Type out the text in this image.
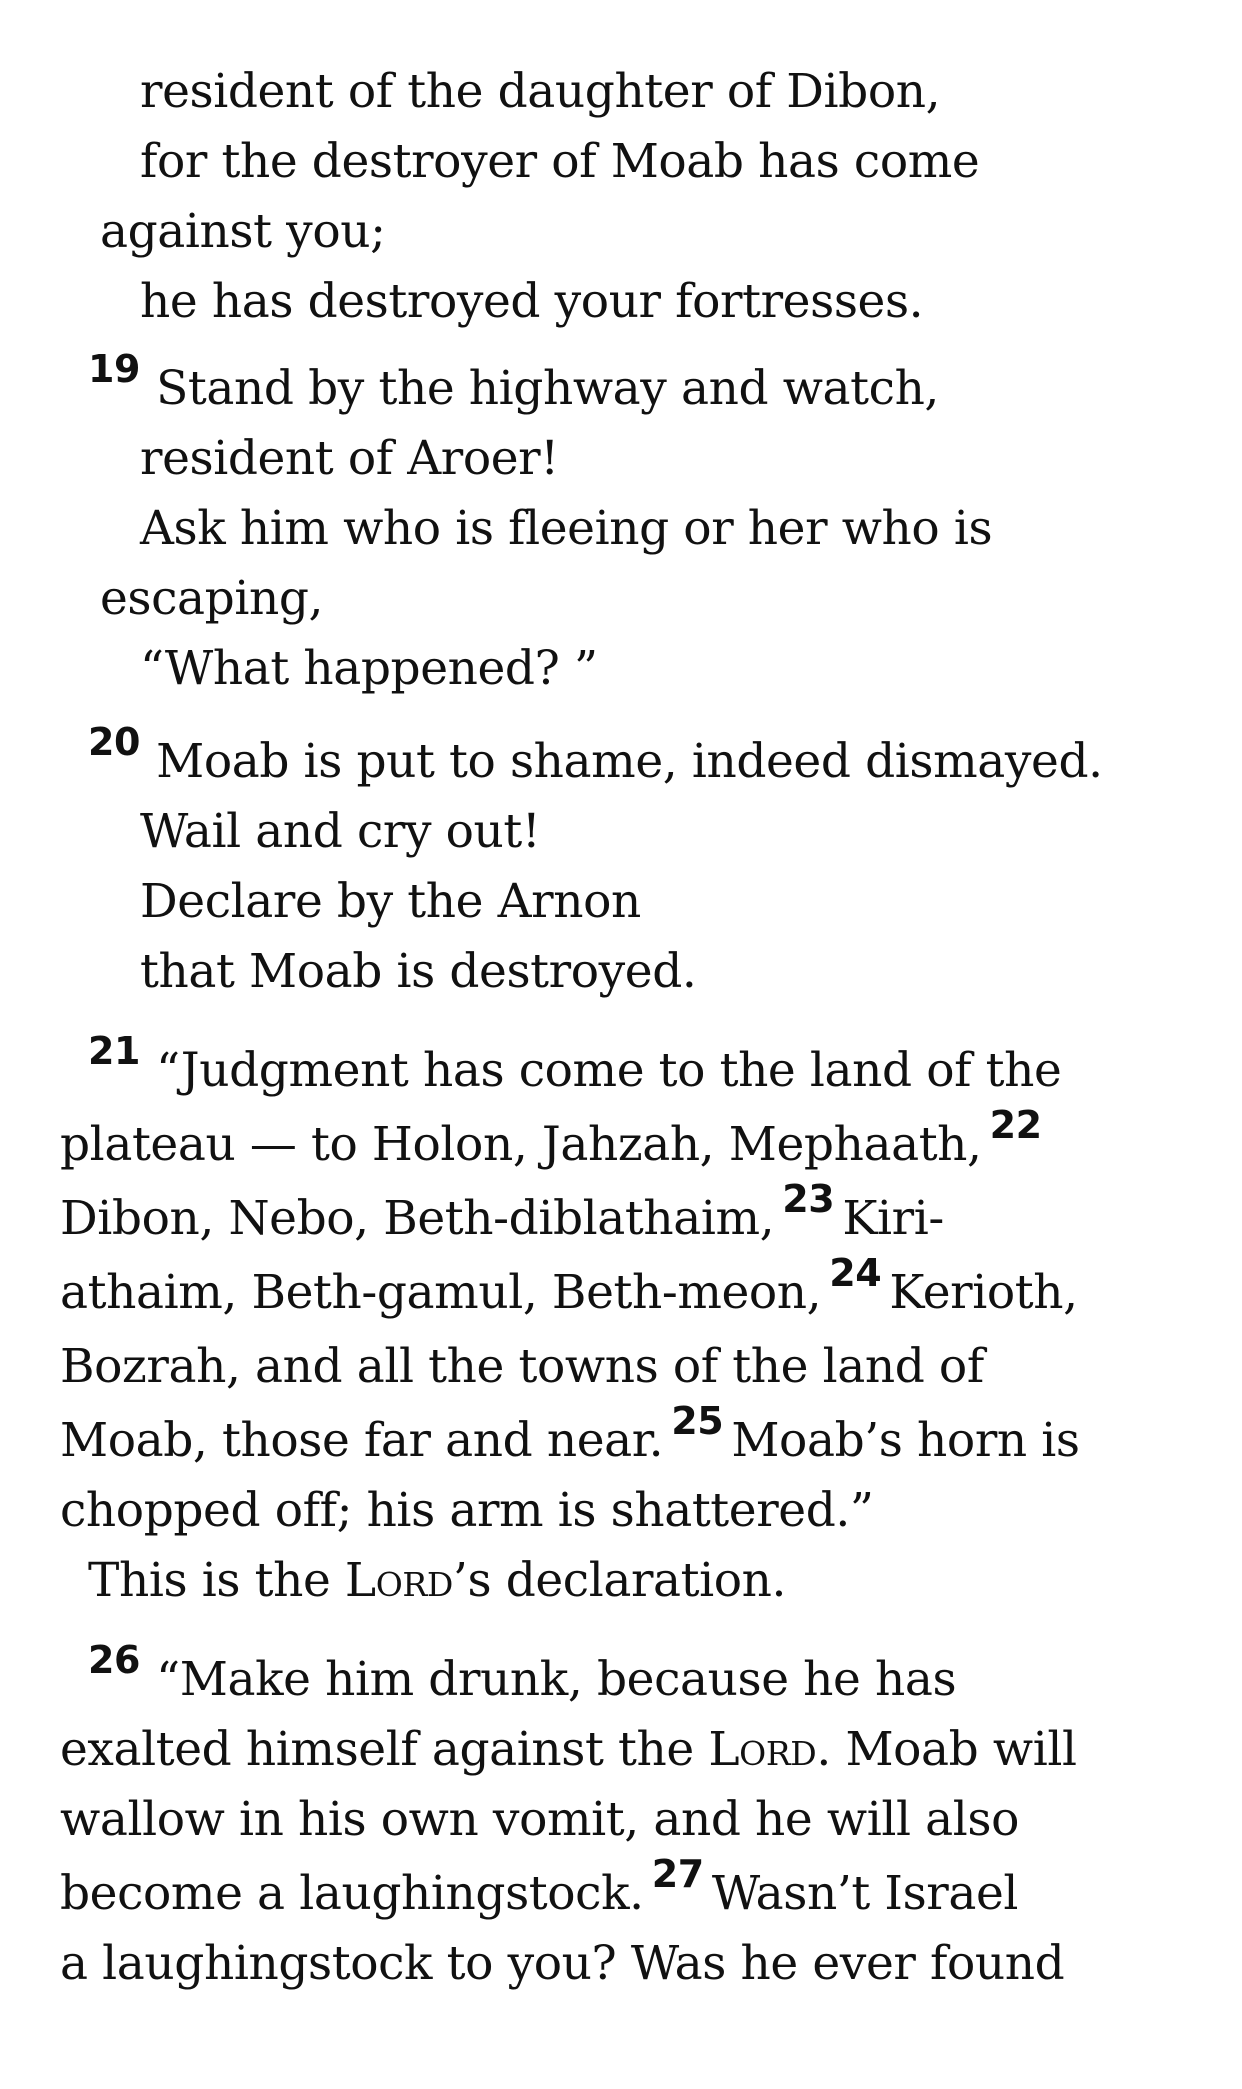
resident of the daughter of Dibon,
for the destroyer of Moab has come
against you;
he has destroyed your fortresses.
$^{19}$ Stand by the highway and watch,
resident of Aroer!
Ask him who is fleeing or her who is
escaping,
“What happened? ”
$^{20}$ Moab is put to shame, indeed dismayed.
Wail and cry out!
Declare by the Arnon
that Moab is destroyed.
$^{21}$ “Judgment has come to the land of the
plateau — to Holon, Jahzah, Mephaath, $^{22}$
Dibon, Nebo, Beth-diblathaim, $^{23}$ Kiri-
athaim, Beth-gamul, Beth-meon, $^{24}$ Kerioth,
Bozrah, and all the towns of the land of
Moab, those far and near. $^{25}$ Moab’s horn is
chopped off; his arm is shattered.”
This is the Lord’s declaration.
$^{26}$ “Make him drunk, because he has
exalted himself against the Lord. Moab will
wallow in his own vomit, and he will also
become a laughingstock. $^{27}$ Wasn’t Israel
a laughingstock to you? Was he ever found
